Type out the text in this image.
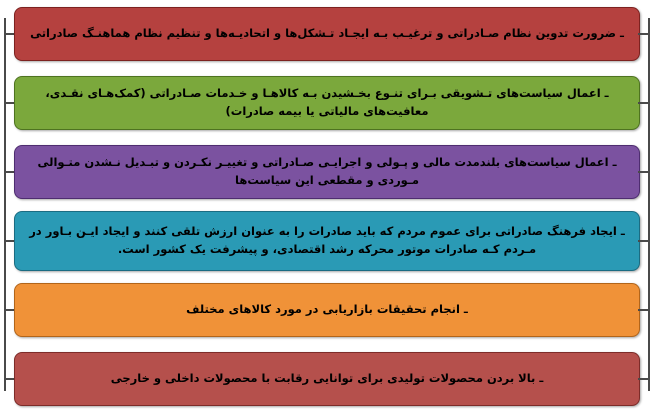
ـ ضرورت تدوین نظام صـادراتی و ترغیـب بـه ایجـاد تـشکل‌ها و اتحادیـه‌ها و تنظیم نظام هماهنـگ صادراتی
ـ اعمال سیاست‌های تـشویقی بـرای تنـوع بخـشیدن بـه کالاهـا و خـدمات صـادراتی (کمک‌هـای نقـدی، معافیت‌های مالیاتی یا بیمه صادرات)
ـ اعمال سیاست‌های بلندمدت مالی و پـولی و اجرایـی صـادراتی و تغییـر نکـردن و تبـدیل نـشدن متـوالی مـوردی و مقطعی این سیاست‌ها
ـ ایجاد فرهنگ صادراتی برای عموم مردم که باید صادرات را به عنوان ارزش تلقی کنند و ایجاد ایـن بـاور در مـردم کـه صادرات موتور محرکه رشد اقتصادی، و پیشرفت یک کشور است.
ـ انجام تحقیقات بازاریابی در مورد کالاهای مختلف
ـ بالا بردن محصولات تولیدی برای توانایی رقابت با محصولات داخلی و خارجی
